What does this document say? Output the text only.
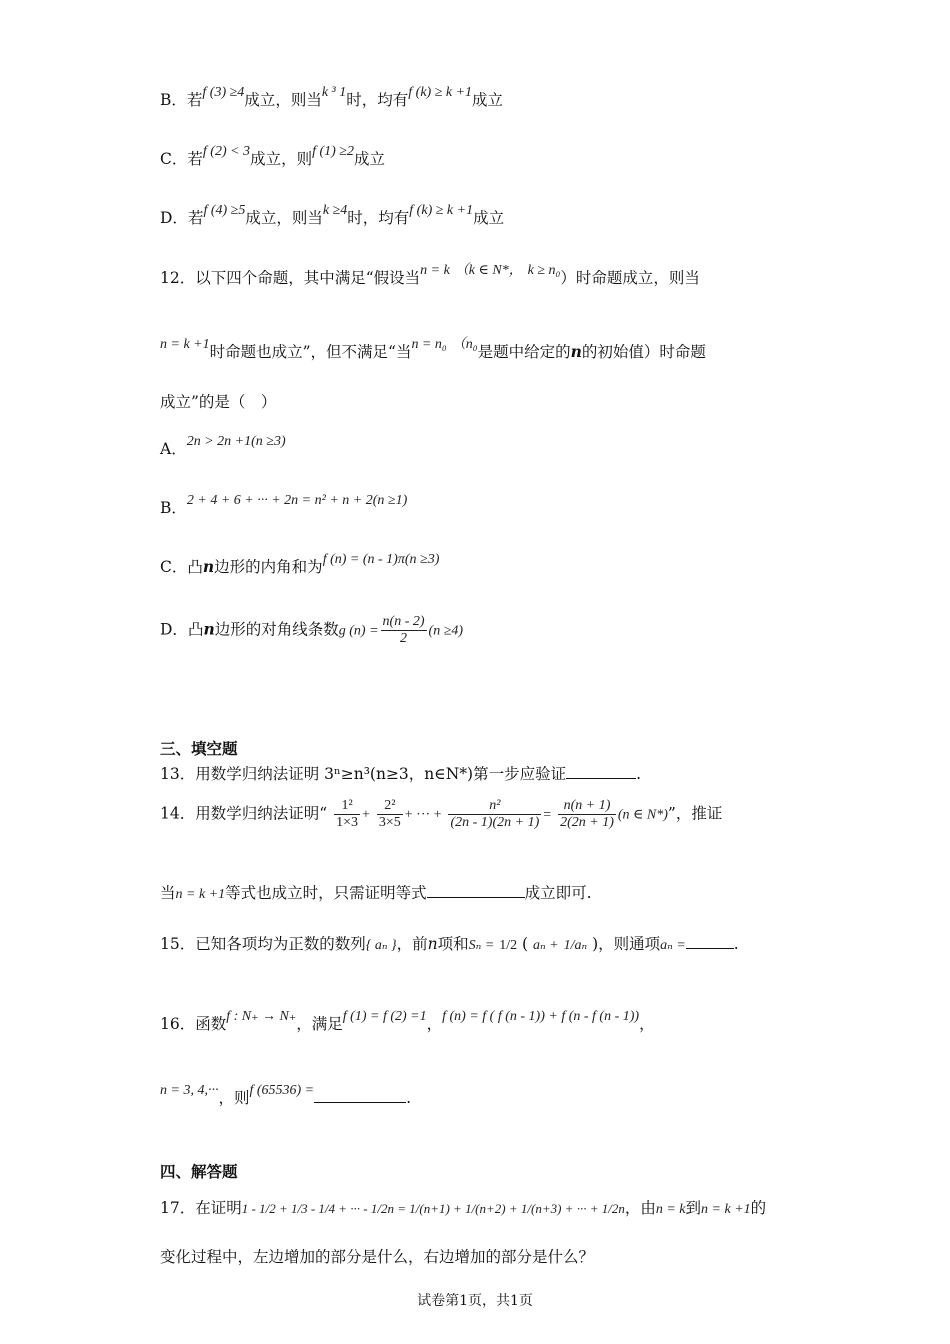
B．若f (3) ≥4成立，则当k ³ 1时，均有f (k) ≥ k +1成立
C．若f (2) < 3成立，则f (1) ≥2成立
D．若f (4) ≥5成立，则当k ≥4时，均有f (k) ≥ k +1成立
12．以下四个命题，其中满足“假设当n = k （k ∈ N*， k ≥ n₀）时命题成立，则当
n = k +1时命题也成立”，但不满足“当n = n₀ （n₀是题中给定的n的初始值）时命题
成立”的是（　）
A．2n > 2n +1(n ≥3)
B．2 + 4 + 6 + ··· + 2n = n² + n + 2(n ≥1)
C．凸n边形的内角和为f (n) = (n - 1)π(n ≥3)
D．凸n边形的对角线条数g $(n) = \frac{n(n - 2)}{2} (n \ge 4)$
三、填空题
13．用数学归纳法证明 3ⁿ≥n³(n≥3，n∈N*)第一步应验证	.
14．用数学归纳法证明“ $\frac{\text{1²}}{1\times 3} + \frac{\text{2²}}{3\times 5}$ + ··· + $\frac{\text{n²}}{(2n - 1)(2n + 1)} = \frac{n(n + 1)}{2(2n + 1)} (n$ ∈ N*)”，推证
当n = k +1等式也成立时，只需证明等式	成立即可.
15．已知各项均为正数的数列{ aₙ }，前n项和Sₙ = 1/2 ( aₙ + 1/aₙ )，则通项aₙ =	.
16．函数f : N₊ → N₊，满足f (1) = f (2) =1，f (n) = f ( f (n - 1)) + f (n - f (n - 1))，
n = 3, 4,···，则f (65536) =	.
四、解答题
17．在证明1 - 1/2 + 1/3 - 1/4 + ··· - 1/2n = 1/(n+1) + 1/(n+2) + 1/(n+3) + ··· + 1/2n，由n = k到n = k +1的
变化过程中，左边增加的部分是什么，右边增加的部分是什么？
试卷第1页，共1页
